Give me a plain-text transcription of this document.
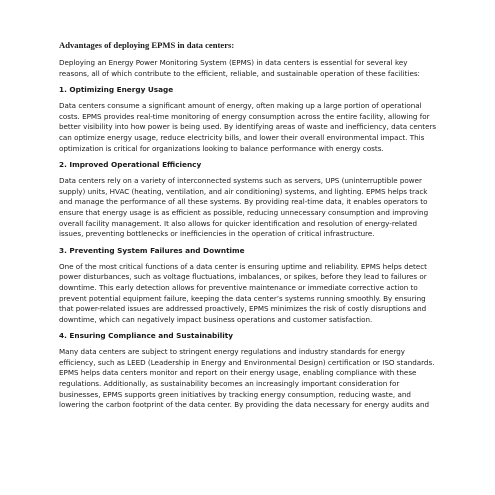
Advantages of deploying EPMS in data centers:

Deploying an Energy Power Monitoring System (EPMS) in data centers is essential for several key reasons, all of which contribute to the efficient, reliable, and sustainable operation of these facilities:

1. Optimizing Energy Usage

Data centers consume a significant amount of energy, often making up a large portion of operational costs. EPMS provides real-time monitoring of energy consumption across the entire facility, allowing for better visibility into how power is being used. By identifying areas of waste and inefficiency, data centers can optimize energy usage, reduce electricity bills, and lower their overall environmental impact. This optimization is critical for organizations looking to balance performance with energy costs.

2. Improved Operational Efficiency

Data centers rely on a variety of interconnected systems such as servers, UPS (uninterruptible power supply) units, HVAC (heating, ventilation, and air conditioning) systems, and lighting. EPMS helps track and manage the performance of all these systems. By providing real-time data, it enables operators to ensure that energy usage is as efficient as possible, reducing unnecessary consumption and improving overall facility management. It also allows for quicker identification and resolution of energy-related issues, preventing bottlenecks or inefficiencies in the operation of critical infrastructure.

3. Preventing System Failures and Downtime

One of the most critical functions of a data center is ensuring uptime and reliability. EPMS helps detect power disturbances, such as voltage fluctuations, imbalances, or spikes, before they lead to failures or downtime. This early detection allows for preventive maintenance or immediate corrective action to prevent potential equipment failure, keeping the data center’s systems running smoothly. By ensuring that power-related issues are addressed proactively, EPMS minimizes the risk of costly disruptions and downtime, which can negatively impact business operations and customer satisfaction.

4. Ensuring Compliance and Sustainability

Many data centers are subject to stringent energy regulations and industry standards for energy efficiency, such as LEED (Leadership in Energy and Environmental Design) certification or ISO standards. EPMS helps data centers monitor and report on their energy usage, enabling compliance with these regulations. Additionally, as sustainability becomes an increasingly important consideration for businesses, EPMS supports green initiatives by tracking energy consumption, reducing waste, and lowering the carbon footprint of the data center. By providing the data necessary for energy audits and
